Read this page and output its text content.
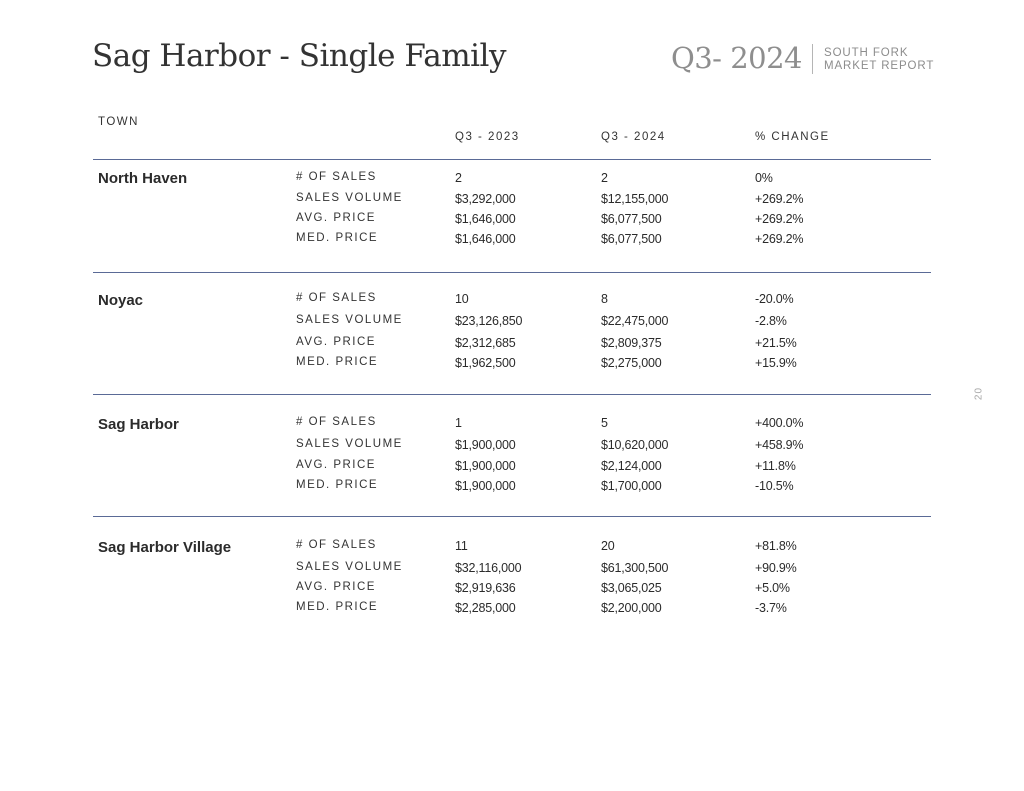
Sag Harbor - Single Family	Q3- 2024 SOUTH FORK
MARKET REPORT
20
TOWN
Q3 - 2023	Q3 - 2024	% CHANGE
North Haven	# OF SALES	2	2	0%
SALES VOLUME	$3,292,000	$12,155,000	+269.2%
AVG. PRICE	$1,646,000	$6,077,500	+269.2%
MED. PRICE	$1,646,000	$6,077,500	+269.2%
Noyac	# OF SALES	10	8	-20.0%
SALES VOLUME	$23,126,850	$22,475,000	-2.8%
AVG. PRICE	$2,312,685	$2,809,375	+21.5%
MED. PRICE	$1,962,500	$2,275,000	+15.9%
Sag Harbor	# OF SALES	1	5	+400.0%
SALES VOLUME	$1,900,000	$10,620,000	+458.9%
AVG. PRICE	$1,900,000	$2,124,000	+11.8%
MED. PRICE	$1,900,000	$1,700,000	-10.5%
Sag Harbor Village	# OF SALES	11	20	+81.8%
SALES VOLUME	$32,116,000	$61,300,500	+90.9%
AVG. PRICE	$2,919,636	$3,065,025	+5.0%
MED. PRICE	$2,285,000	$2,200,000	-3.7%
